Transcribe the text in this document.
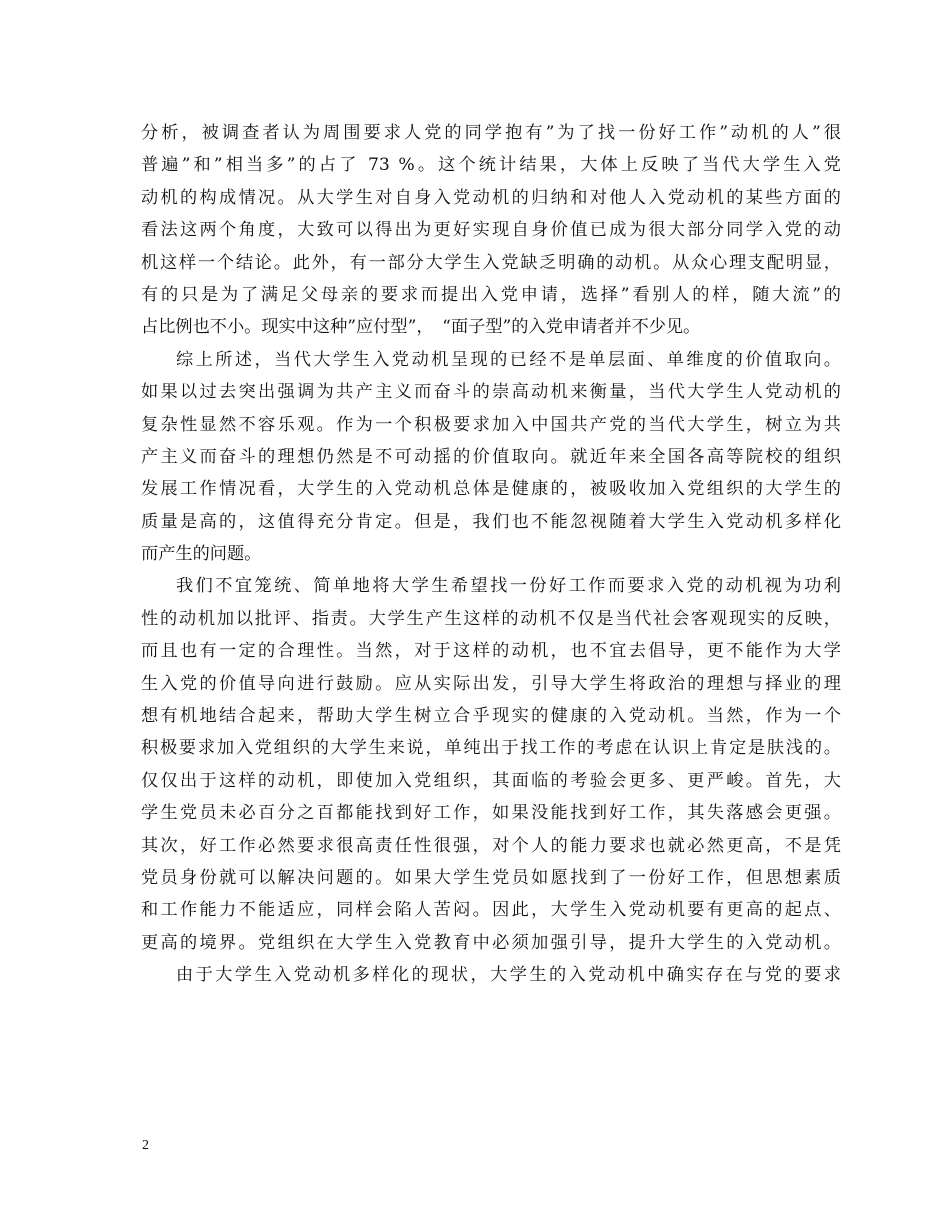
分析，被调查者认为周围要求人党的同学抱有”为了找一份好工作”动机的人”很
普遍”和”相当多”的占了 73 %。这个统计结果，大体上反映了当代大学生入党
动机的构成情况。从大学生对自身入党动机的归纳和对他人入党动机的某些方面的
看法这两个角度，大致可以得出为更好实现自身价值已成为很大部分同学入党的动
机这样一个结论。此外，有一部分大学生入党缺乏明确的动机。从众心理支配明显，
有的只是为了满足父母亲的要求而提出入党申请，选择”看别人的样，随大流”的
占比例也不小。现实中这种”应付型”，　“面子型”的入党申请者并不少见。
综上所述，当代大学生入党动机呈现的已经不是单层面、单维度的价值取向。
如果以过去突出强调为共产主义而奋斗的崇高动机来衡量，当代大学生人党动机的
复杂性显然不容乐观。作为一个积极要求加入中国共产党的当代大学生，树立为共
产主义而奋斗的理想仍然是不可动摇的价值取向。就近年来全国各高等院校的组织
发展工作情况看，大学生的入党动机总体是健康的，被吸收加入党组织的大学生的
质量是高的，这值得充分肯定。但是，我们也不能忽视随着大学生入党动机多样化
而产生的问题。
我们不宜笼统、简单地将大学生希望找一份好工作而要求入党的动机视为功利
性的动机加以批评、指责。大学生产生这样的动机不仅是当代社会客观现实的反映，
而且也有一定的合理性。当然，对于这样的动机，也不宜去倡导，更不能作为大学
生入党的价值导向进行鼓励。应从实际出发，引导大学生将政治的理想与择业的理
想有机地结合起来，帮助大学生树立合乎现实的健康的入党动机。当然，作为一个
积极要求加入党组织的大学生来说，单纯出于找工作的考虑在认识上肯定是肤浅的。
仅仅出于这样的动机，即使加入党组织，其面临的考验会更多、更严峻。首先，大
学生党员未必百分之百都能找到好工作，如果没能找到好工作，其失落感会更强。
其次，好工作必然要求很高责任性很强，对个人的能力要求也就必然更高，不是凭
党员身份就可以解决问题的。如果大学生党员如愿找到了一份好工作，但思想素质
和工作能力不能适应，同样会陷人苦闷。因此，大学生入党动机要有更高的起点、
更高的境界。党组织在大学生入党教育中必须加强引导，提升大学生的入党动机。
由于大学生入党动机多样化的现状，大学生的入党动机中确实存在与党的要求
2
